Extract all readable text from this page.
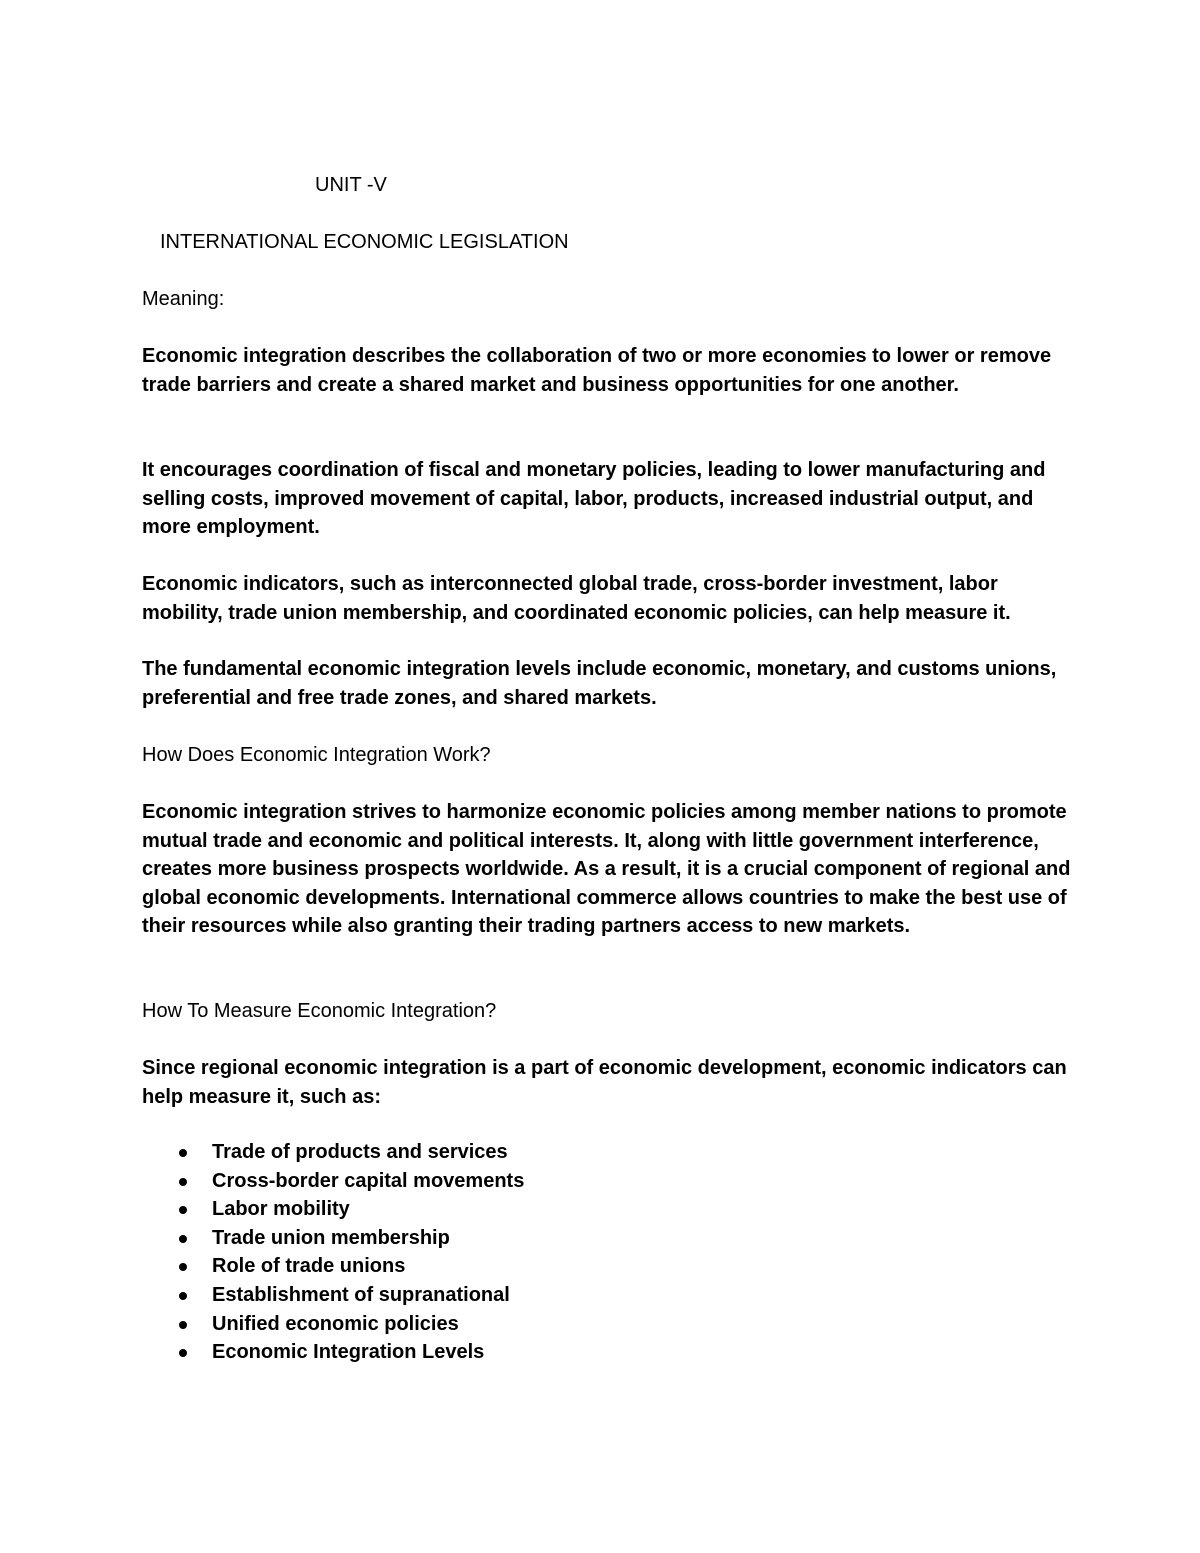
UNIT -V
INTERNATIONAL ECONOMIC LEGISLATION

Meaning:

Economic integration describes the collaboration of two or more economies to lower or remove trade barriers and create a shared market and business opportunities for one another.

It encourages coordination of fiscal and monetary policies, leading to lower manufacturing and selling costs, improved movement of capital, labor, products, increased industrial output, and more employment.

Economic indicators, such as interconnected global trade, cross-border investment, labor mobility, trade union membership, and coordinated economic policies, can help measure it.

The fundamental economic integration levels include economic, monetary, and customs unions, preferential and free trade zones, and shared markets.

How Does Economic Integration Work?

Economic integration strives to harmonize economic policies among member nations to promote mutual trade and economic and political interests. It, along with little government interference, creates more business prospects worldwide. As a result, it is a crucial component of regional and global economic developments. International commerce allows countries to make the best use of their resources while also granting their trading partners access to new markets.

How To Measure Economic Integration?

Since regional economic integration is a part of economic development, economic indicators can help measure it, such as:

Trade of products and services
Cross-border capital movements
Labor mobility
Trade union membership
Role of trade unions
Establishment of supranational
Unified economic policies
Economic Integration Levels
